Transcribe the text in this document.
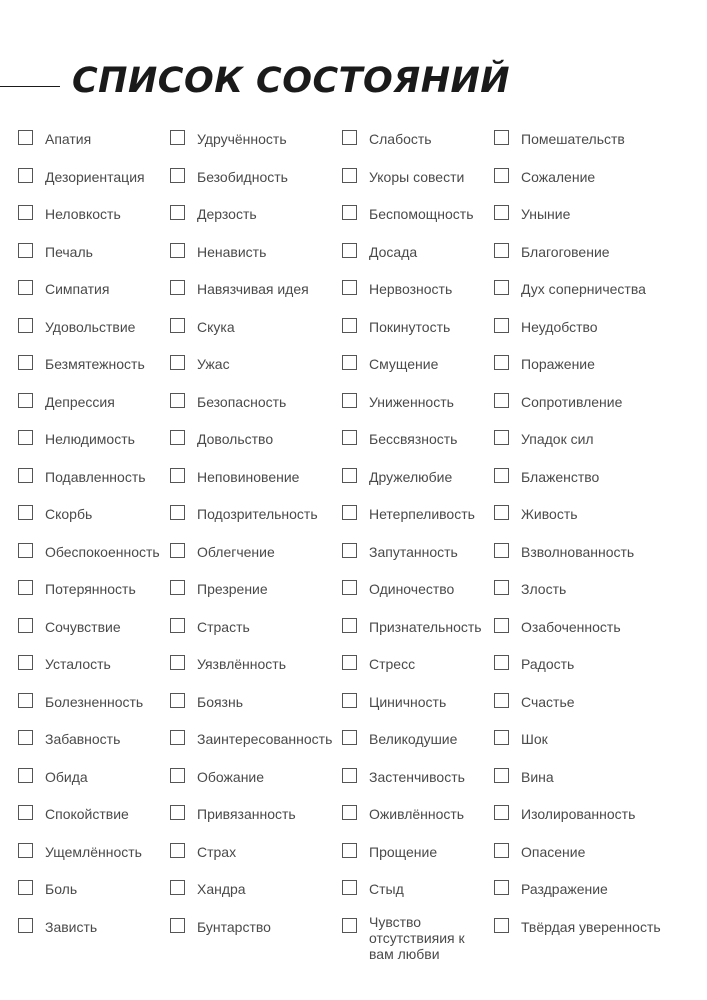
СПИСОК СОСТОЯНИЙ
Апатия
Дезориентация
Неловкость
Печаль
Симпатия
Удовольствие
Безмятежность
Депрессия
Нелюдимость
Подавленность
Скорбь
Обеспокоенность
Потерянность
Сочувствие
Усталость
Болезненность
Забавность
Обида
Спокойствие
Ущемлённость
Боль
Зависть
Удручённость
Безобидность
Дерзость
Ненависть
Навязчивая идея
Скука
Ужас
Безопасность
Довольство
Неповиновение
Подозрительность
Облегчение
Презрение
Страсть
Уязвлённость
Боязнь
Заинтересованность
Обожание
Привязанность
Страх
Хандра
Бунтарство
Слабость
Укоры совести
Беспомощность
Досада
Нервозность
Покинутость
Смущение
Униженность
Бессвязность
Дружелюбие
Нетерпеливость
Запутанность
Одиночество
Признательность
Стресс
Циничность
Великодушие
Застенчивость
Оживлённость
Прощение
Стыд
Чувство отсутствияия к вам любви
Помешательств
Сожаление
Уныние
Благоговение
Дух соперничества
Неудобство
Поражение
Сопротивление
Упадок сил
Блаженство
Живость
Взволнованность
Злость
Озабоченность
Радость
Счастье
Шок
Вина
Изолированность
Опасение
Раздражение
Твёрдая уверенность
